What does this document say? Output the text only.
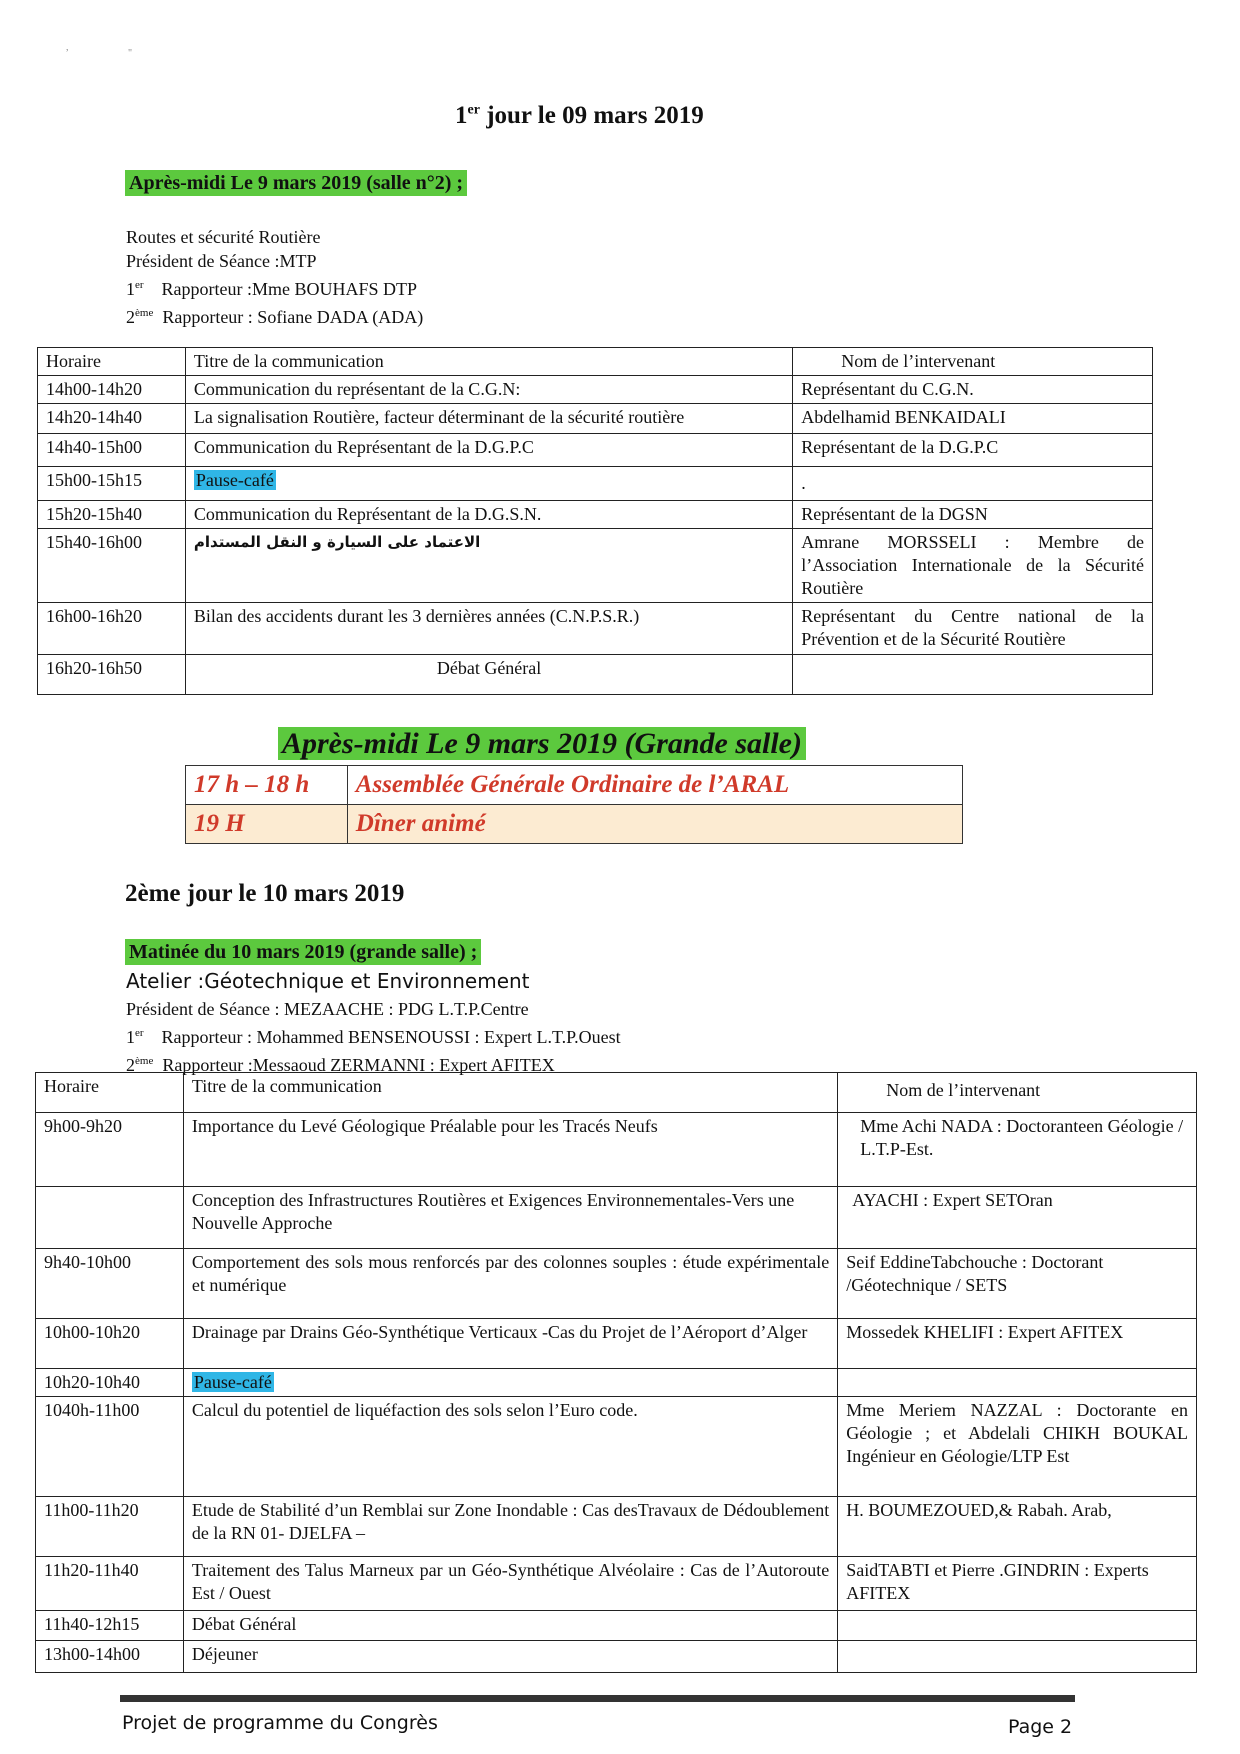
,
"
1er jour le 09 mars 2019
Après-midi Le 9 mars 2019 (salle n°2) ;
Routes et sécurité Routière
Président de Séance :MTP
1er Rapporteur :Mme BOUHAFS DTP
2ème Rapporteur : Sofiane DADA (ADA)
Horaire	Titre de la communication	Nom de l’intervenant
14h00-14h20	Communication du représentant de la C.G.N:	Représentant du C.G.N.
14h20-14h40	La signalisation Routière, facteur déterminant de la sécurité routière	Abdelhamid BENKAIDALI
14h40-15h00	Communication du Représentant de la D.G.P.C	Représentant de la D.G.P.C
15h00-15h15	Pause-café	.
15h20-15h40	Communication du Représentant de la D.G.S.N.	Représentant de la DGSN
15h40-16h00	الاعتماد على السيارة و النقل المستدام	Amrane MORSSELI : Membre de l’Association Internationale de la Sécurité Routière
16h00-16h20	Bilan des accidents durant les 3 dernières années (C.N.P.S.R.)	Représentant du Centre national de la Prévention et de la Sécurité Routière
16h20-16h50	Débat Général	
Après-midi Le 9 mars 2019 (Grande salle)
17 h – 18 h	Assemblée Générale Ordinaire de l’ARAL
19 H	Dîner animé
2ème jour le 10 mars 2019
Matinée du 10 mars 2019 (grande salle) ;
Atelier :Géotechnique et Environnement
Président de Séance : MEZAACHE : PDG L.T.P.Centre
1er Rapporteur : Mohammed BENSENOUSSI : Expert L.T.P.Ouest
2ème Rapporteur :Messaoud ZERMANNI : Expert AFITEX
Horaire	Titre de la communication	Nom de l’intervenant
9h00-9h20	Importance du Levé Géologique Préalable pour les Tracés Neufs	Mme Achi NADA : Doctoranteen Géologie / L.T.P-Est.
	Conception des Infrastructures Routières et Exigences Environnementales-Vers une Nouvelle Approche	AYACHI : Expert SETOran
9h40-10h00	Comportement des sols mous renforcés par des colonnes souples : étude expérimentale et numérique	Seif EddineTabchouche : Doctorant /Géotechnique / SETS
10h00-10h20	Drainage par Drains Géo-Synthétique Verticaux -Cas du Projet de l’Aéroport d’Alger	Mossedek KHELIFI : Expert AFITEX
10h20-10h40	Pause-café	
1040h-11h00	Calcul du potentiel de liquéfaction des sols selon l’Euro code.	Mme Meriem NAZZAL : Doctorante en Géologie ; et Abdelali CHIKH BOUKAL Ingénieur en Géologie/LTP Est
11h00-11h20	Etude de Stabilité d’un Remblai sur Zone Inondable : Cas desTravaux de Dédoublement de la RN 01- DJELFA –	H. BOUMEZOUED,& Rabah. Arab,
11h20-11h40	Traitement des Talus Marneux par un Géo-Synthétique Alvéolaire : Cas de l’Autoroute Est / Ouest	SaidTABTI et Pierre .GINDRIN : Experts AFITEX
11h40-12h15	Débat Général	
13h00-14h00	Déjeuner	
Projet de programme du Congrès	Page 2
